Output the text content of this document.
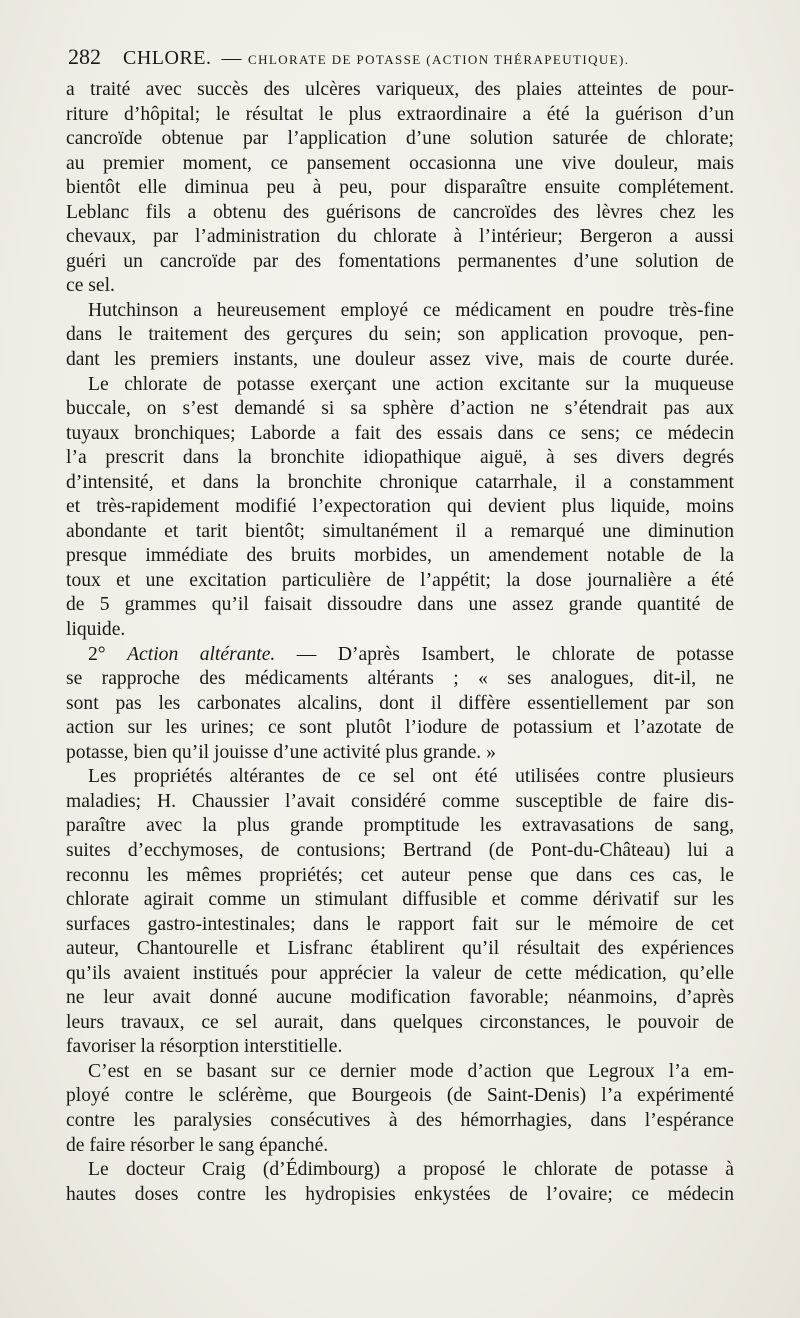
282 CHLORE. — CHLORATE DE POTASSE (ACTION THÉRAPEUTIQUE).
a traité avec succès des ulcères variqueux, des plaies atteintes de pour-
riture d’hôpital; le résultat le plus extraordinaire a été la guérison d’un
cancroïde obtenue par l’application d’une solution saturée de chlorate;
au premier moment, ce pansement occasionna une vive douleur, mais
bientôt elle diminua peu à peu, pour disparaître ensuite complétement.
Leblanc fils a obtenu des guérisons de cancroïdes des lèvres chez les
chevaux, par l’administration du chlorate à l’intérieur; Bergeron a aussi
guéri un cancroïde par des fomentations permanentes d’une solution de
ce sel.
Hutchinson a heureusement employé ce médicament en poudre très-fine
dans le traitement des gerçures du sein; son application provoque, pen-
dant les premiers instants, une douleur assez vive, mais de courte durée.
Le chlorate de potasse exerçant une action excitante sur la muqueuse
buccale, on s’est demandé si sa sphère d’action ne s’étendrait pas aux
tuyaux bronchiques; Laborde a fait des essais dans ce sens; ce médecin
l’a prescrit dans la bronchite idiopathique aiguë, à ses divers degrés
d’intensité, et dans la bronchite chronique catarrhale, il a constamment
et très-rapidement modifié l’expectoration qui devient plus liquide, moins
abondante et tarit bientôt; simultanément il a remarqué une diminution
presque immédiate des bruits morbides, un amendement notable de la
toux et une excitation particulière de l’appétit; la dose journalière a été
de 5 grammes qu’il faisait dissoudre dans une assez grande quantité de
liquide.
2° Action altérante. — D’après Isambert, le chlorate de potasse
se rapproche des médicaments altérants ; « ses analogues, dit-il, ne
sont pas les carbonates alcalins, dont il diffère essentiellement par son
action sur les urines; ce sont plutôt l’iodure de potassium et l’azotate de
potasse, bien qu’il jouisse d’une activité plus grande. »
Les propriétés altérantes de ce sel ont été utilisées contre plusieurs
maladies; H. Chaussier l’avait considéré comme susceptible de faire dis-
paraître avec la plus grande promptitude les extravasations de sang,
suites d’ecchymoses, de contusions; Bertrand (de Pont-du-Château) lui a
reconnu les mêmes propriétés; cet auteur pense que dans ces cas, le
chlorate agirait comme un stimulant diffusible et comme dérivatif sur les
surfaces gastro-intestinales; dans le rapport fait sur le mémoire de cet
auteur, Chantourelle et Lisfranc établirent qu’il résultait des expériences
qu’ils avaient institués pour apprécier la valeur de cette médication, qu’elle
ne leur avait donné aucune modification favorable; néanmoins, d’après
leurs travaux, ce sel aurait, dans quelques circonstances, le pouvoir de
favoriser la résorption interstitielle.
C’est en se basant sur ce dernier mode d’action que Legroux l’a em-
ployé contre le sclérème, que Bourgeois (de Saint-Denis) l’a expérimenté
contre les paralysies consécutives à des hémorrhagies, dans l’espérance
de faire résorber le sang épanché.
Le docteur Craig (d’Édimbourg) a proposé le chlorate de potasse à
hautes doses contre les hydropisies enkystées de l’ovaire; ce médecin
